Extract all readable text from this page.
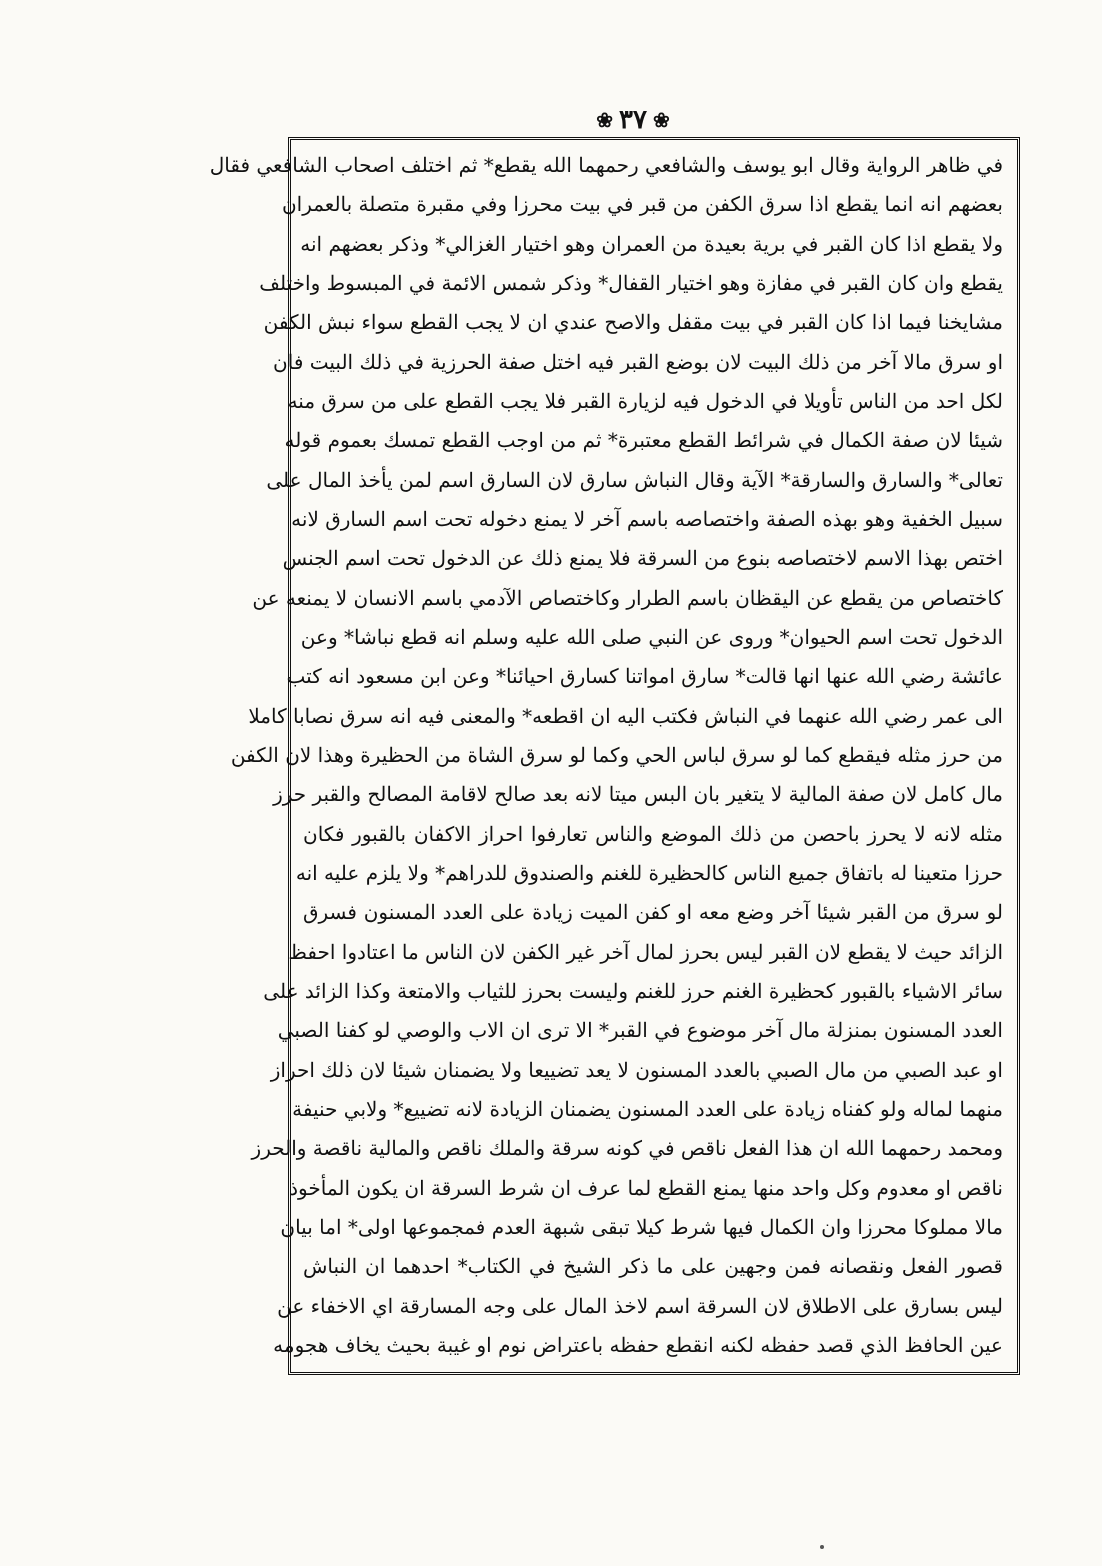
❀ ٣٧ ❀
في ظاهر الرواية وقال ابو يوسف والشافعي رحمهما الله يقطع* ثم اختلف اصحاب الشافعي فقال
بعضهم انه انما يقطع اذا سرق الكفن من قبر في بيت محرزا وفي مقبرة متصلة بالعمران
ولا يقطع اذا كان القبر في برية بعيدة من العمران وهو اختيار الغزالي* وذكر بعضهم انه
يقطع وان كان القبر في مفازة وهو اختيار القفال* وذكر شمس الائمة في المبسوط واختلف
مشايخنا فيما اذا كان القبر في بيت مقفل والاصح عندي ان لا يجب القطع سواء نبش الكفن
او سرق مالا آخر من ذلك البيت لان بوضع القبر فيه اختل صفة الحرزية في ذلك البيت فان
لكل احد من الناس تأويلا في الدخول فيه لزيارة القبر فلا يجب القطع على من سرق منه
شيئا لان صفة الكمال في شرائط القطع معتبرة* ثم من اوجب القطع تمسك بعموم قوله
تعالى* والسارق والسارقة* الآية وقال النباش سارق لان السارق اسم لمن يأخذ المال على
سبيل الخفية وهو بهذه الصفة واختصاصه باسم آخر لا يمنع دخوله تحت اسم السارق لانه
اختص بهذا الاسم لاختصاصه بنوع من السرقة فلا يمنع ذلك عن الدخول تحت اسم الجنس
كاختصاص من يقطع عن اليقظان باسم الطرار وكاختصاص الآدمي باسم الانسان لا يمنعه عن
الدخول تحت اسم الحيوان* وروى عن النبي صلى الله عليه وسلم انه قطع نباشا* وعن
عائشة رضي الله عنها انها قالت* سارق امواتنا كسارق احيائنا* وعن ابن مسعود انه كتب
الى عمر رضي الله عنهما في النباش فكتب اليه ان اقطعه* والمعنى فيه انه سرق نصابا كاملا
من حرز مثله فيقطع كما لو سرق لباس الحي وكما لو سرق الشاة من الحظيرة وهذا لان الكفن
مال كامل لان صفة المالية لا يتغير بان البس ميتا لانه بعد صالح لاقامة المصالح والقبر حرز
مثله لانه لا يحرز باحصن من ذلك الموضع والناس تعارفوا احراز الاكفان بالقبور فكان
حرزا متعينا له باتفاق جميع الناس كالحظيرة للغنم والصندوق للدراهم* ولا يلزم عليه انه
لو سرق من القبر شيئا آخر وضع معه او كفن الميت زيادة على العدد المسنون فسرق
الزائد حيث لا يقطع لان القبر ليس بحرز لمال آخر غير الكفن لان الناس ما اعتادوا احفظ
سائر الاشياء بالقبور كحظيرة الغنم حرز للغنم وليست بحرز للثياب والامتعة وكذا الزائد على
العدد المسنون بمنزلة مال آخر موضوع في القبر* الا ترى ان الاب والوصي لو كفنا الصبي
او عبد الصبي من مال الصبي بالعدد المسنون لا يعد تضييعا ولا يضمنان شيئا لان ذلك احراز
منهما لماله ولو كفناه زيادة على العدد المسنون يضمنان الزيادة لانه تضييع* ولابي حنيفة
ومحمد رحمهما الله ان هذا الفعل ناقص في كونه سرقة والملك ناقص والمالية ناقصة والحرز
ناقص او معدوم وكل واحد منها يمنع القطع لما عرف ان شرط السرقة ان يكون المأخوذ
مالا مملوكا محرزا وان الكمال فيها شرط كيلا تبقى شبهة العدم فمجموعها اولى* اما بيان
قصور الفعل ونقصانه فمن وجهين على ما ذكر الشيخ في الكتاب* احدهما ان النباش
ليس بسارق على الاطلاق لان السرقة اسم لاخذ المال على وجه المسارقة اي الاخفاء عن
عين الحافظ الذي قصد حفظه لكنه انقطع حفظه باعتراض نوم او غيبة بحيث يخاف هجومه
